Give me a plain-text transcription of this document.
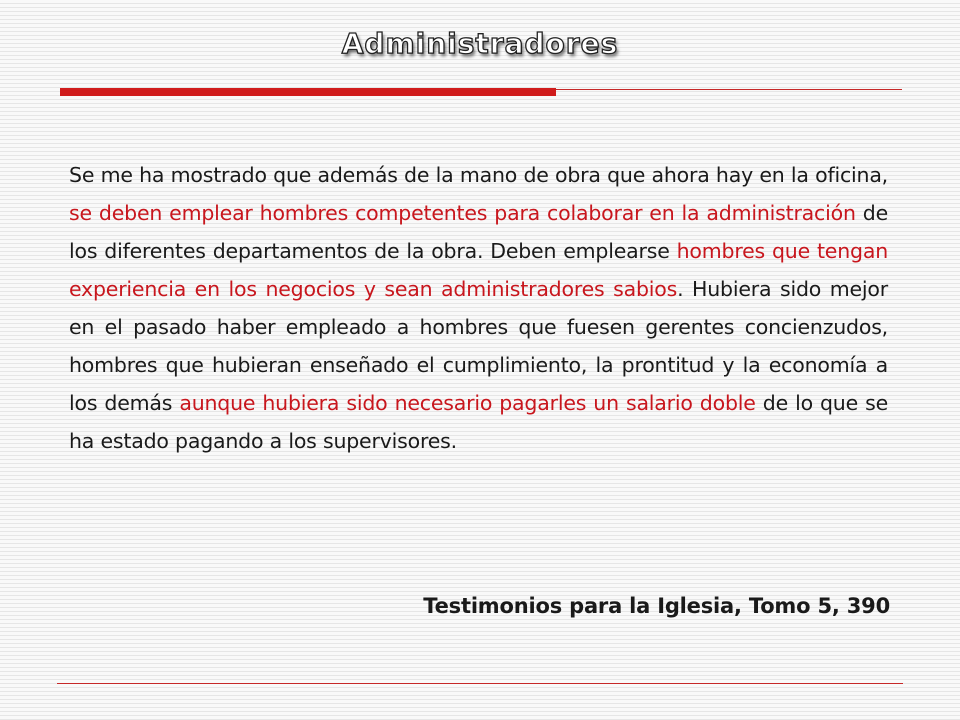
Administradores

Se me ha mostrado que además de la mano de obra que ahora hay en la oficina, se deben emplear hombres competentes para colaborar en la administración de los diferentes departamentos de la obra. Deben emplearse hombres que tengan experiencia en los negocios y sean administradores sabios. Hubiera sido mejor en el pasado haber empleado a hombres que fuesen gerentes concienzudos, hombres que hubieran enseñado el cumplimiento, la prontitud y la economía a los demás aunque hubiera sido necesario pagarles un salario doble de lo que se ha estado pagando a los supervisores.

Testimonios para la Iglesia, Tomo 5, 390
